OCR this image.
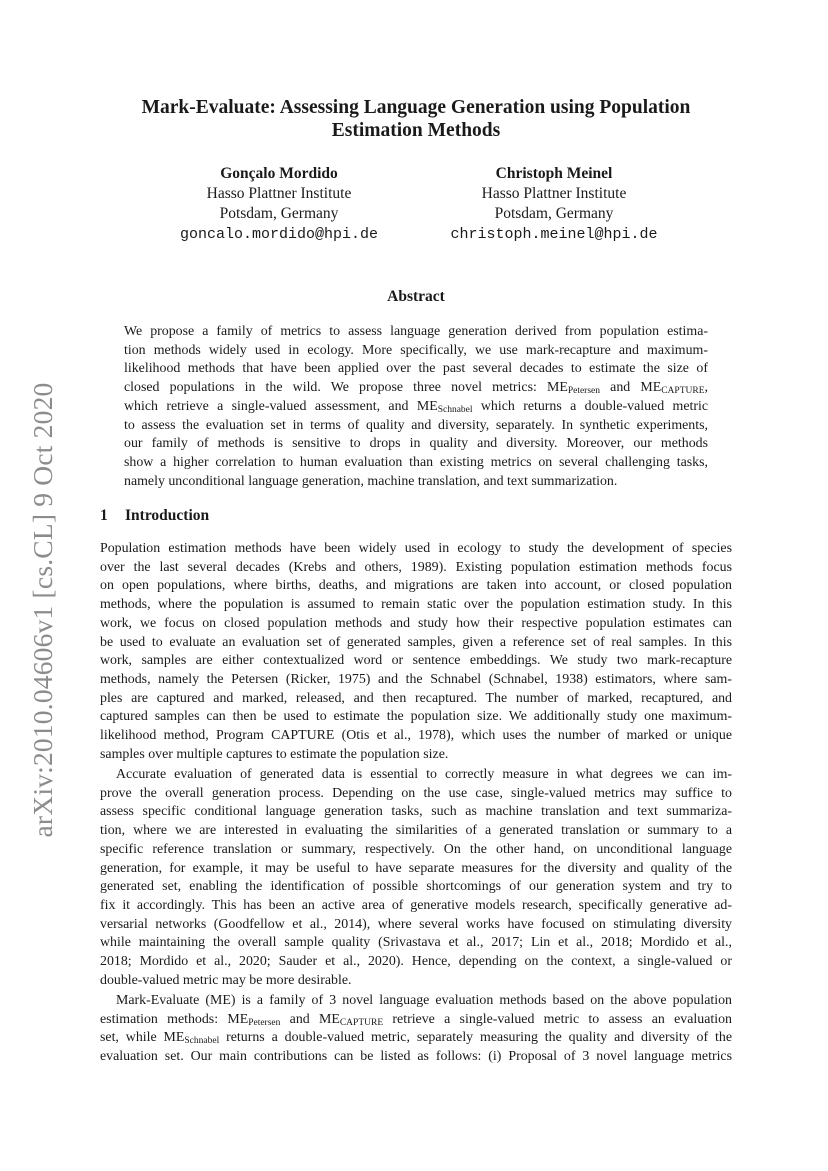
arXiv:2010.04606v1 [cs.CL] 9 Oct 2020
Mark-Evaluate: Assessing Language Generation using Population
Estimation Methods
Gonçalo Mordido
Hasso Plattner Institute
Potsdam, Germany
goncalo.mordido@hpi.de
Christoph Meinel
Hasso Plattner Institute
Potsdam, Germany
christoph.meinel@hpi.de
Abstract
We propose a family of metrics to assess language generation derived from population estima-
tion methods widely used in ecology. More specifically, we use mark-recapture and maximum-
likelihood methods that have been applied over the past several decades to estimate the size of
closed populations in the wild. We propose three novel metrics: $ME_{Petersen}$ and $ME_{CAPTURE}$,
which retrieve a single-valued assessment, and $ME_{Schnabel}$ which returns a double-valued metric
to assess the evaluation set in terms of quality and diversity, separately. In synthetic experiments,
our family of methods is sensitive to drops in quality and diversity. Moreover, our methods
show a higher correlation to human evaluation than existing metrics on several challenging tasks,
namely unconditional language generation, machine translation, and text summarization.
1 Introduction
Population estimation methods have been widely used in ecology to study the development of species
over the last several decades (Krebs and others, 1989). Existing population estimation methods focus
on open populations, where births, deaths, and migrations are taken into account, or closed population
methods, where the population is assumed to remain static over the population estimation study. In this
work, we focus on closed population methods and study how their respective population estimates can
be used to evaluate an evaluation set of generated samples, given a reference set of real samples. In this
work, samples are either contextualized word or sentence embeddings. We study two mark-recapture
methods, namely the Petersen (Ricker, 1975) and the Schnabel (Schnabel, 1938) estimators, where sam-
ples are captured and marked, released, and then recaptured. The number of marked, recaptured, and
captured samples can then be used to estimate the population size. We additionally study one maximum-
likelihood method, Program CAPTURE (Otis et al., 1978), which uses the number of marked or unique
samples over multiple captures to estimate the population size.
Accurate evaluation of generated data is essential to correctly measure in what degrees we can im-
prove the overall generation process. Depending on the use case, single-valued metrics may suffice to
assess specific conditional language generation tasks, such as machine translation and text summariza-
tion, where we are interested in evaluating the similarities of a generated translation or summary to a
specific reference translation or summary, respectively. On the other hand, on unconditional language
generation, for example, it may be useful to have separate measures for the diversity and quality of the
generated set, enabling the identification of possible shortcomings of our generation system and try to
fix it accordingly. This has been an active area of generative models research, specifically generative ad-
versarial networks (Goodfellow et al., 2014), where several works have focused on stimulating diversity
while maintaining the overall sample quality (Srivastava et al., 2017; Lin et al., 2018; Mordido et al.,
2018; Mordido et al., 2020; Sauder et al., 2020). Hence, depending on the context, a single-valued or
double-valued metric may be more desirable.
Mark-Evaluate (ME) is a family of 3 novel language evaluation methods based on the above population
estimation methods: $ME_{Petersen}$ and $ME_{CAPTURE}$ retrieve a single-valued metric to assess an evaluation
set, while $ME_{Schnabel}$ returns a double-valued metric, separately measuring the quality and diversity of the
evaluation set. Our main contributions can be listed as follows: (i) Proposal of 3 novel language metrics
